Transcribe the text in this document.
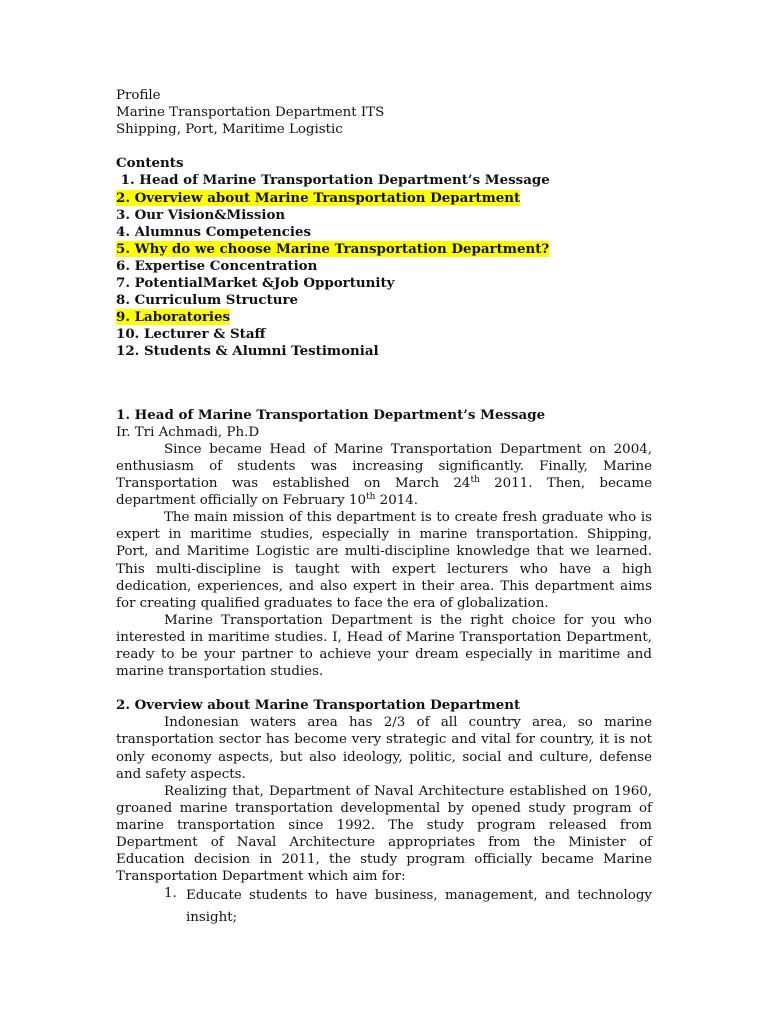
Profile
Marine Transportation Department ITS
Shipping, Port, Maritime Logistic
Contents
1. Head of Marine Transportation Department’s Message
2. Overview about Marine Transportation Department
3. Our Vision&Mission
4. Alumnus Competencies
5. Why do we choose Marine Transportation Department?
6. Expertise Concentration
7. PotentialMarket &Job Opportunity
8. Curriculum Structure
9. Laboratories
10. Lecturer & Staff
12. Students & Alumni Testimonial
1. Head of Marine Transportation Department’s Message
Ir. Tri Achmadi, Ph.D
Since became Head of Marine Transportation Department on 2004, enthusiasm of students was increasing significantly. Finally, Marine Transportation was established on March 24th 2011. Then, became department officially on February 10th 2014.
The main mission of this department is to create fresh graduate who is expert in maritime studies, especially in marine transportation. Shipping, Port, and Maritime Logistic are multi-discipline knowledge that we learned. This multi-discipline is taught with expert lecturers who have a high dedication, experiences, and also expert in their area. This department aims for creating qualified graduates to face the era of globalization.
Marine Transportation Department is the right choice for you who interested in maritime studies. I, Head of Marine Transportation Department, ready to be your partner to achieve your dream especially in maritime and marine transportation studies.
2. Overview about Marine Transportation Department
Indonesian waters area has 2/3 of all country area, so marine transportation sector has become very strategic and vital for country, it is not only economy aspects, but also ideology, politic, social and culture, defense and safety aspects.
Realizing that, Department of Naval Architecture established on 1960, groaned marine transportation developmental by opened study program of marine transportation since 1992. The study program released from Department of Naval Architecture appropriates from the Minister of Education decision in 2011, the study program officially became Marine Transportation Department which aim for:
1. Educate students to have business, management, and technology insight;
